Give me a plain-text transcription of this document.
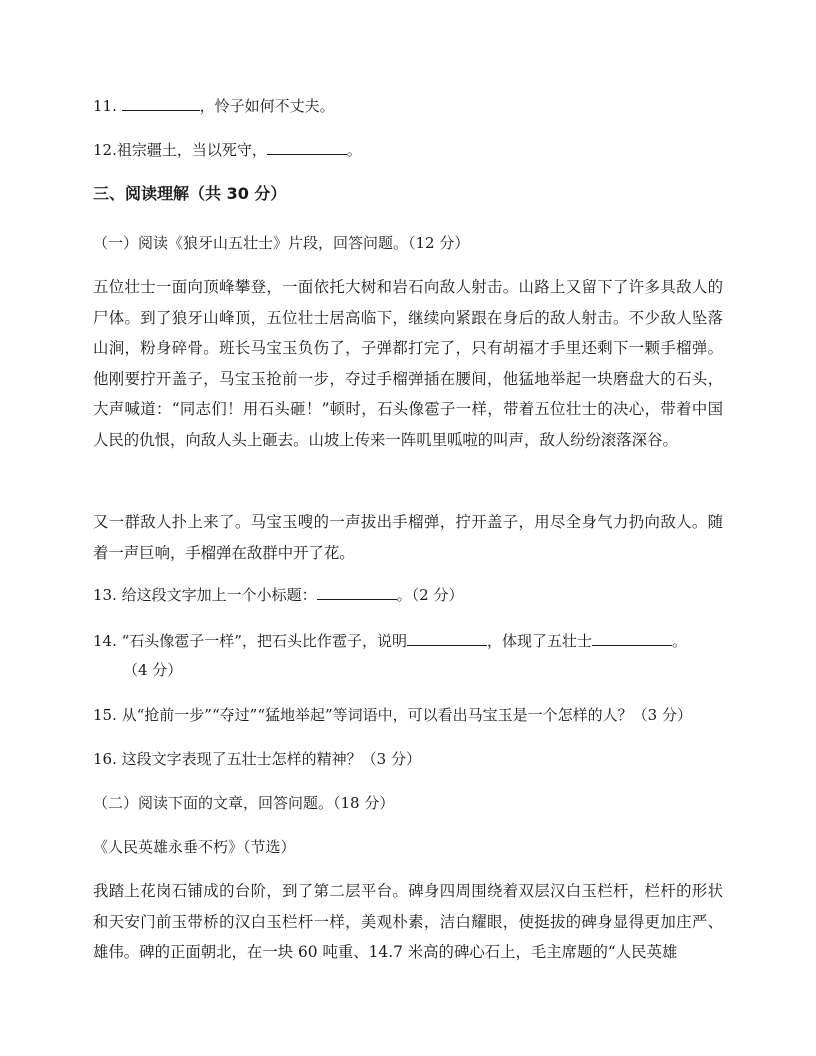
11.	，怜子如何不丈夫。
12.祖宗疆土，当以死守，	。
三、阅读理解（共 30 分）
（一）阅读《狼牙山五壮士》片段，回答问题。（12 分）
五位壮士一面向顶峰攀登，一面依托大树和岩石向敌人射击。山路上又留下了许多具敌人的尸体。到了狼牙山峰顶，五位壮士居高临下，继续向紧跟在身后的敌人射击。不少敌人坠落山涧，粉身碎骨。班长马宝玉负伤了，子弹都打完了，只有胡福才手里还剩下一颗手榴弹。他刚要拧开盖子，马宝玉抢前一步，夺过手榴弹插在腰间，他猛地举起一块磨盘大的石头，大声喊道：“同志们！用石头砸！”顿时，石头像雹子一样，带着五位壮士的决心，带着中国人民的仇恨，向敌人头上砸去。山坡上传来一阵叽里呱啦的叫声，敌人纷纷滚落深谷。
又一群敌人扑上来了。马宝玉嗖的一声拔出手榴弹，拧开盖子，用尽全身气力扔向敌人。随着一声巨响，手榴弹在敌群中开了花。
13. 给这段文字加上一个小标题：	。（2 分）
14. “石头像雹子一样”，把石头比作雹子，说明	，体现了五壮士	。
（4 分）
15. 从“抢前一步”“夺过”“猛地举起”等词语中，可以看出马宝玉是一个怎样的人？（3 分）
16. 这段文字表现了五壮士怎样的精神？（3 分）
（二）阅读下面的文章，回答问题。（18 分）
《人民英雄永垂不朽》（节选）
我踏上花岗石铺成的台阶，到了第二层平台。碑身四周围绕着双层汉白玉栏杆，栏杆的形状和天安门前玉带桥的汉白玉栏杆一样，美观朴素，洁白耀眼，使挺拔的碑身显得更加庄严、雄伟。碑的正面朝北，在一块 60 吨重、14.7 米高的碑心石上，毛主席题的“人民英雄
